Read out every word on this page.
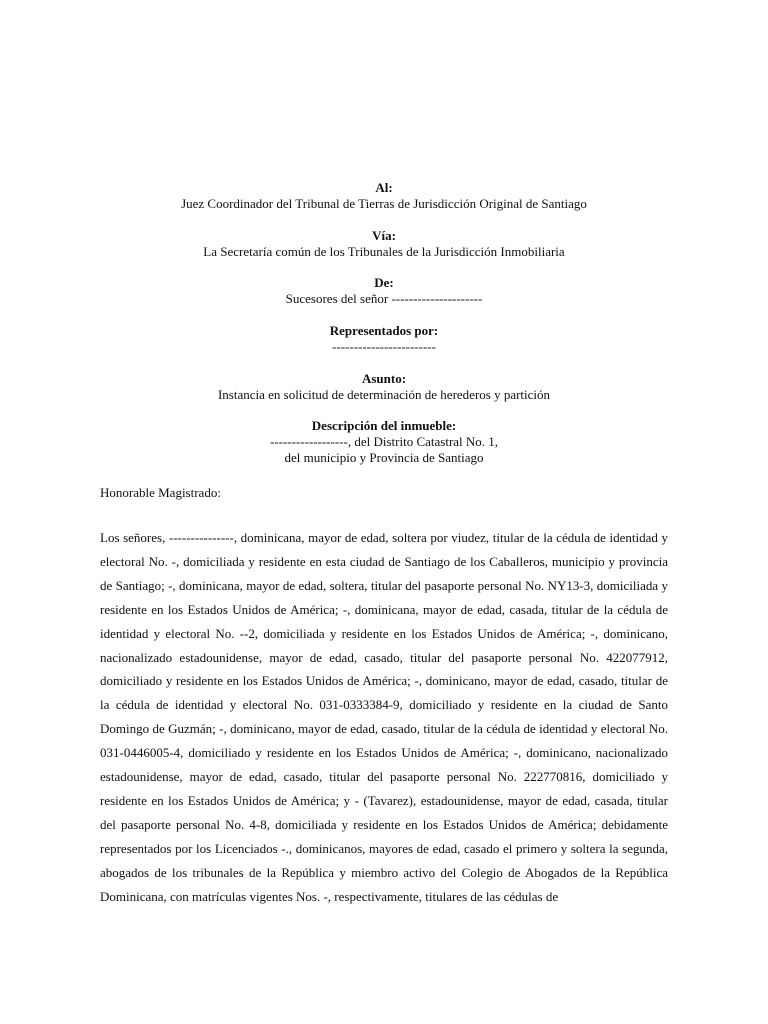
Al:
Juez Coordinador del Tribunal de Tierras de Jurisdicción Original de Santiago
Vía:
La Secretaría común de los Tribunales de la Jurisdicción Inmobiliaria
De:
Sucesores del señor ---------------------
Representados por:
------------------------
Asunto:
Instancia en solicitud de determinación de herederos y partición
Descripción del inmueble:
------------------, del Distrito Catastral No. 1,
del municipio y Provincia de Santiago
Honorable Magistrado:

Los señores, ---------------, dominicana, mayor de edad, soltera por viudez, titular de la cédula de identidad y electoral No. -, domiciliada y residente en esta ciudad de Santiago de los Caballeros, municipio y provincia de Santiago; -, dominicana, mayor de edad, soltera, titular del pasaporte personal No. NY13-3, domiciliada y residente en los Estados Unidos de América; -, dominicana, mayor de edad, casada, titular de la cédula de identidad y electoral No. --2, domiciliada y residente en los Estados Unidos de América; -, dominicano, nacionalizado estadounidense, mayor de edad, casado, titular del pasaporte personal No. 422077912, domiciliado y residente en los Estados Unidos de América; -, dominicano, mayor de edad, casado, titular de la cédula de identidad y electoral No. 031-0333384-9, domiciliado y residente en la ciudad de Santo Domingo de Guzmán; -, dominicano, mayor de edad, casado, titular de la cédula de identidad y electoral No. 031-0446005-4, domiciliado y residente en los Estados Unidos de América; -, dominicano, nacionalizado estadounidense, mayor de edad, casado, titular del pasaporte personal No. 222770816, domiciliado y residente en los Estados Unidos de América; y - (Tavarez), estadounidense, mayor de edad, casada, titular del pasaporte personal No. 4-8, domiciliada y residente en los Estados Unidos de América; debidamente representados por los Licenciados -., dominicanos, mayores de edad, casado el primero y soltera la segunda, abogados de los tribunales de la República y miembro activo del Colegio de Abogados de la República Dominicana, con matrículas vigentes Nos. -, respectivamente, titulares de las cédulas de
